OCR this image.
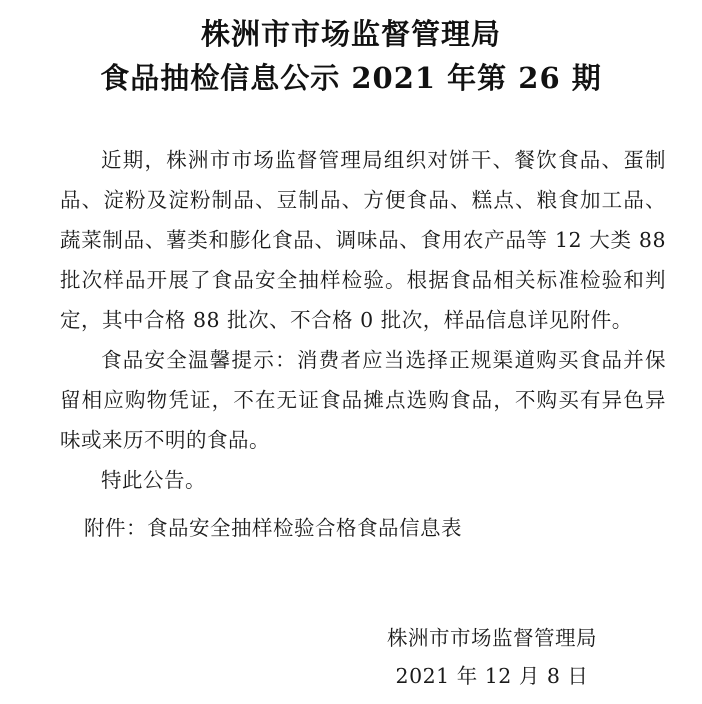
株洲市市场监督管理局
食品抽检信息公示 2021 年第 26 期

近期，株洲市市场监督管理局组织对饼干、餐饮食品、蛋制品、淀粉及淀粉制品、豆制品、方便食品、糕点、粮食加工品、蔬菜制品、薯类和膨化食品、调味品、食用农产品等 12 大类 88 批次样品开展了食品安全抽样检验。根据食品相关标准检验和判定，其中合格 88 批次、不合格 0 批次，样品信息详见附件。

食品安全温馨提示：消费者应当选择正规渠道购买食品并保留相应购物凭证，不在无证食品摊点选购食品，不购买有异色异味或来历不明的食品。

特此公告。

附件：食品安全抽样检验合格食品信息表
株洲市市场监督管理局
2021 年 12 月 8 日
